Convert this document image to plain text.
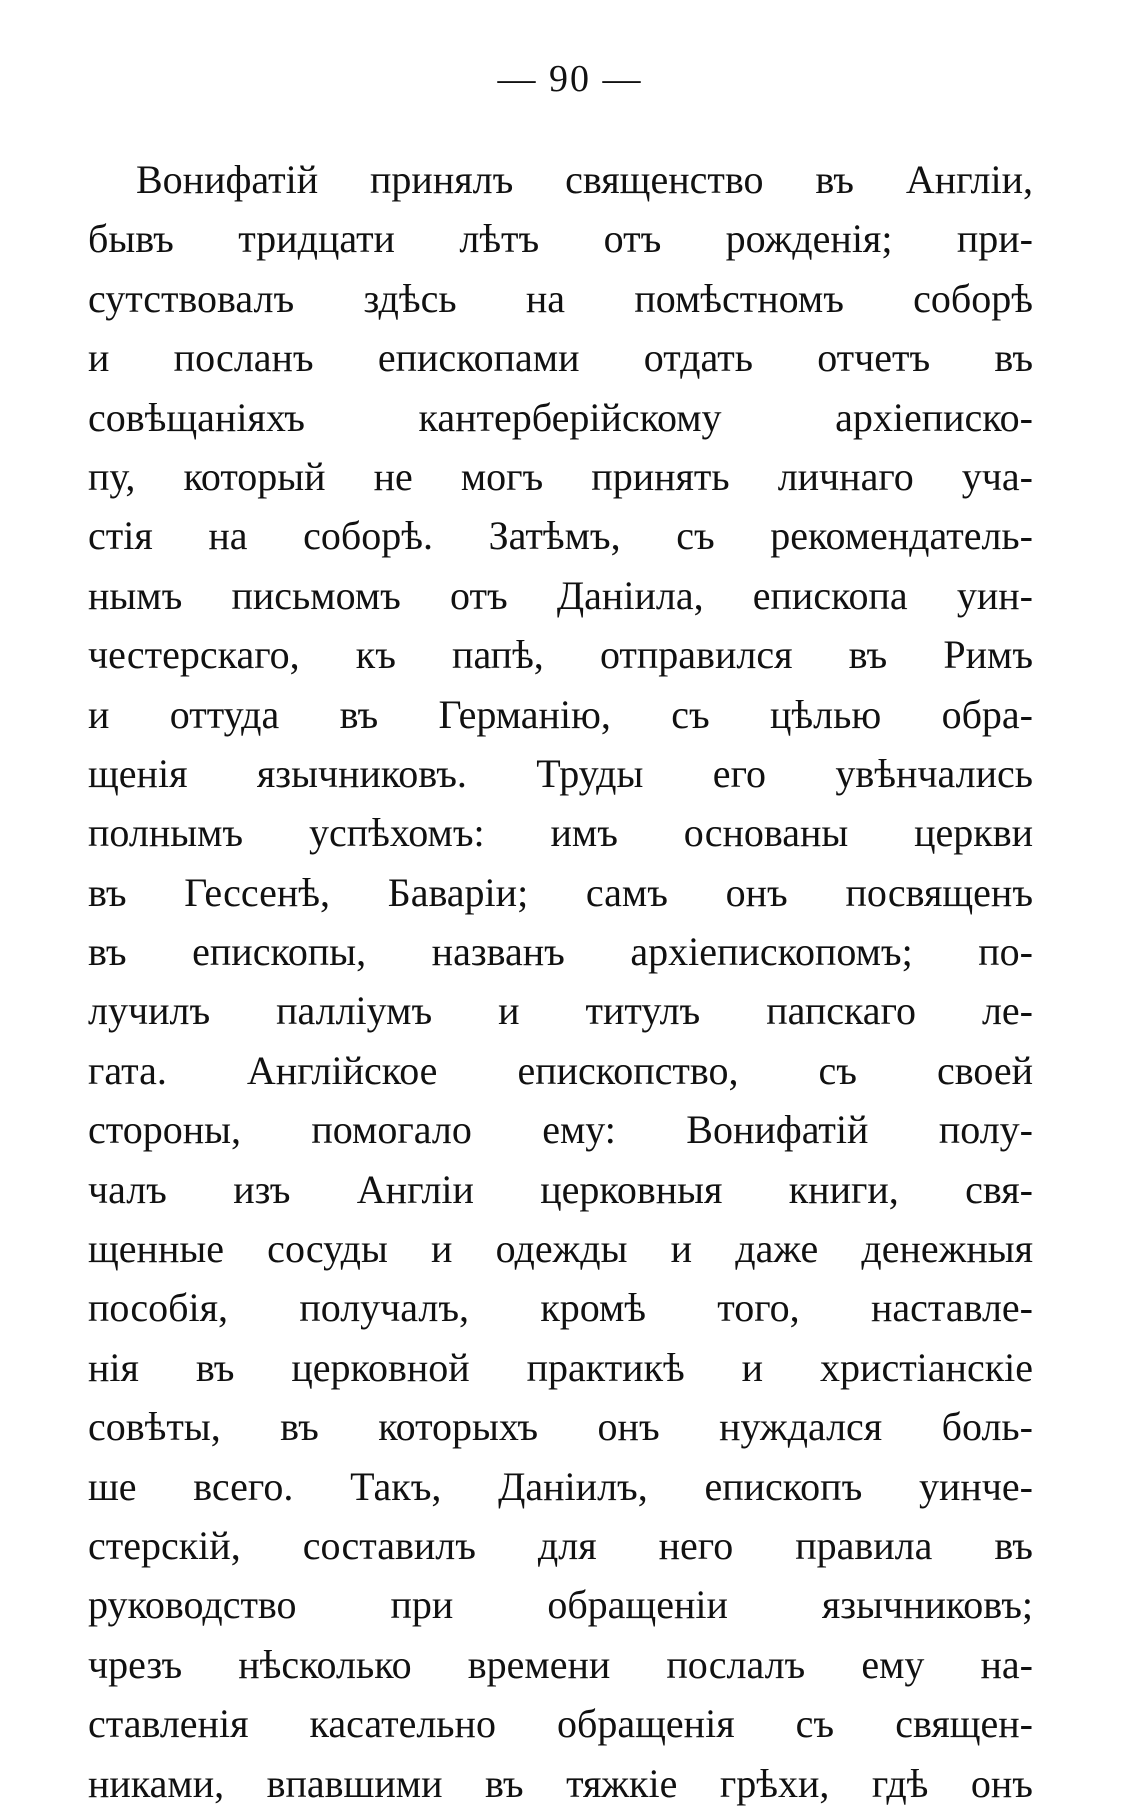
— 90 —
Вонифатій принялъ священство въ Англіи,
бывъ тридцати лѣтъ отъ рожденія; при-
сутствовалъ здѣсь на помѣстномъ соборѣ
и посланъ епископами отдать отчетъ въ
совѣщаніяхъ кантерберійскому архіеписко-
пу, который не могъ принять личнаго уча-
стія на соборѣ. Затѣмъ, съ рекомендатель-
нымъ письмомъ отъ Даніила, епископа уин-
честерскаго, къ папѣ, отправился въ Римъ
и оттуда въ Германію, съ цѣлью обра-
щенія язычниковъ. Труды его увѣнчались
полнымъ успѣхомъ: имъ основаны церкви
въ Гессенѣ, Баваріи; самъ онъ посвященъ
въ епископы, названъ архіепископомъ; по-
лучилъ палліумъ и титулъ папскаго ле-
гата. Англійское епископство, съ своей
стороны, помогало ему: Вонифатій полу-
чалъ изъ Англіи церковныя книги, свя-
щенные сосуды и одежды и даже денежныя
пособія, получалъ, кромѣ того, наставле-
нія въ церковной практикѣ и христіанскіе
совѣты, въ которыхъ онъ нуждался боль-
ше всего. Такъ, Даніилъ, епископъ уинче-
стерскій, составилъ для него правила въ
руководство при обращеніи язычниковъ;
чрезъ нѣсколько времени послалъ ему на-
ставленія касательно обращенія съ священ-
никами, впавшими въ тяжкіе грѣхи, гдѣ онъ
